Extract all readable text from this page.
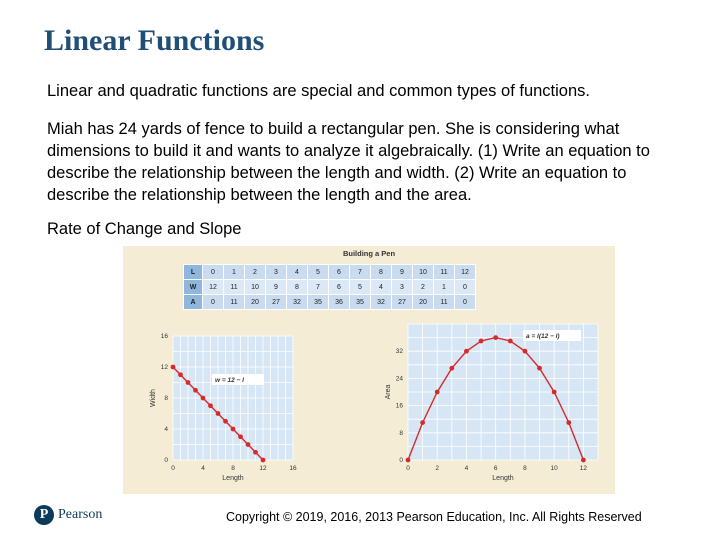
Linear Functions
Linear and quadratic functions are special and common types of functions.
Miah has 24 yards of fence to build a rectangular pen. She is considering what dimensions to build it and wants to analyze it algebraically. (1) Write an equation to describe the relationship between the length and width. (2) Write an equation to describe the relationship between the length and the area.
Rate of Change and Slope
Building a Pen
L	0	1	2	3	4	5	6	7	8	9	10	11	12
W	12	11	10	9	8	7	6	5	4	3	2	1	0
A	0	11	20	27	32	35	36	35	32	27	20	11	0
0	4	8	12	16
0
4
8
12
16
Length
Width
w = 12 − l
0	2	4	6	8	10	12
0
8
16
24
32
Length
Area
a = l(12 − l)
P Pearson	Copyright © 2019, 2016, 2013 Pearson Education, Inc. All Rights Reserved
